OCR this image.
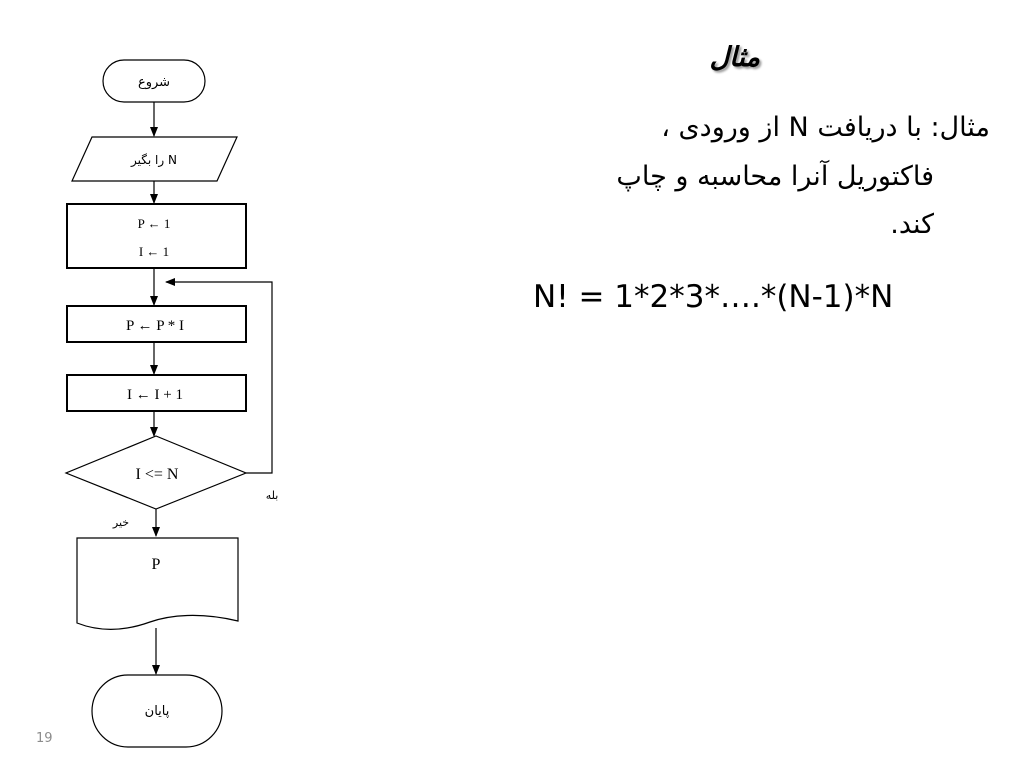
شروع
N را بگیر
P ← 1
I ← 1
P ← P * I
I ← I + 1
I <= N
بله
خیر
P
پایان
19
مثال

مثال: با دریافت N از ورودی ،

فاکتوریل آنرا محاسبه و چاپ

کند.

N! = 1*2*3*….*(N-1)*N
